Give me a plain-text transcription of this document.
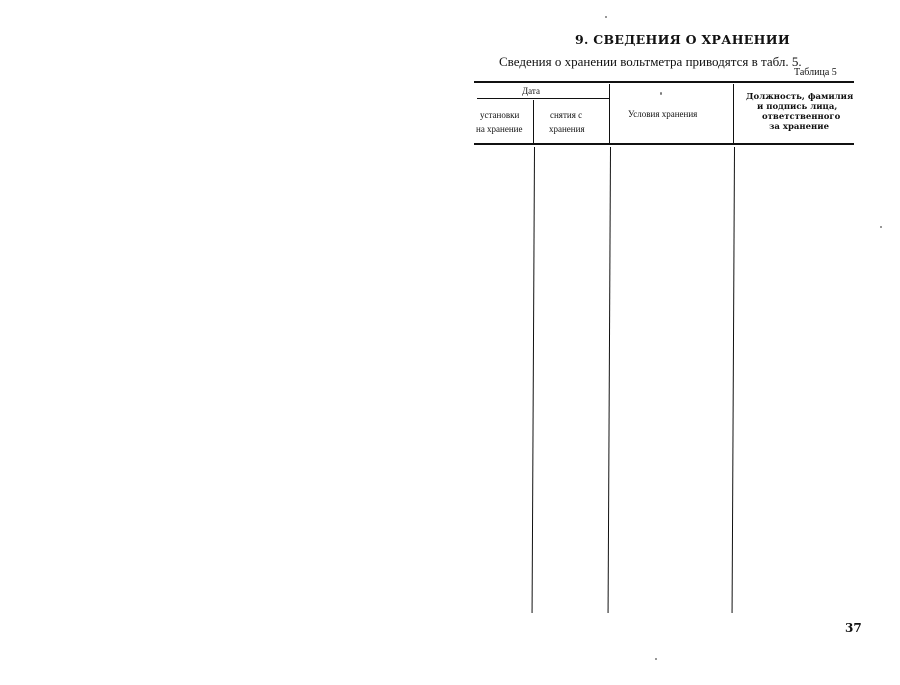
9. СВЕДЕНИЯ О ХРАНЕНИИ
Сведения о хранении вольтметра приводятся в табл. 5.
Таблица 5
Дата
установки
на хранение
снятия с
хранения
Условия хранения
Должность, фамилия
и подпись лица,
ответственного
за хранение
37
